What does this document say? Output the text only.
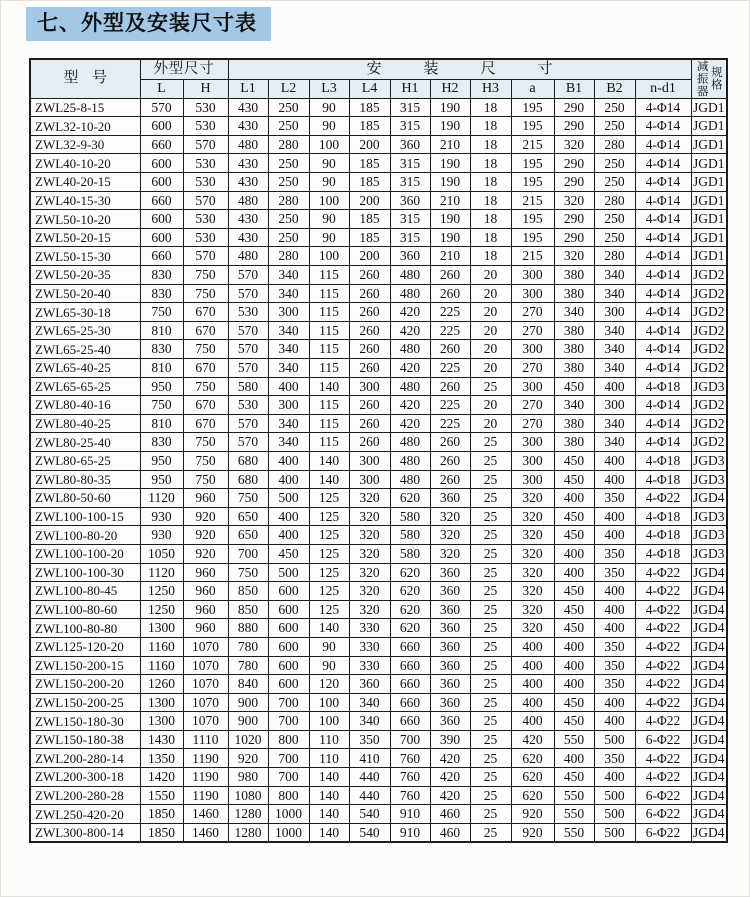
七、外型及安装尺寸表
型号	外型尺寸		安装尺寸											减振器 规格

	L	H	L1	L2	L3	L4	H1	H2	H3	a	B1	B2	n-d1	
ZWL25-8-15	570	530	430	250	90	185	315	190	18	195	290	250	4-Φ14	JGD1
ZWL32-10-20	600	530	430	250	90	185	315	190	18	195	290	250	4-Φ14	JGD1
ZWL32-9-30	660	570	480	280	100	200	360	210	18	215	320	280	4-Φ14	JGD1
ZWL40-10-20	600	530	430	250	90	185	315	190	18	195	290	250	4-Φ14	JGD1
ZWL40-20-15	600	530	430	250	90	185	315	190	18	195	290	250	4-Φ14	JGD1
ZWL40-15-30	660	570	480	280	100	200	360	210	18	215	320	280	4-Φ14	JGD1
ZWL50-10-20	600	530	430	250	90	185	315	190	18	195	290	250	4-Φ14	JGD1
ZWL50-20-15	600	530	430	250	90	185	315	190	18	195	290	250	4-Φ14	JGD1
ZWL50-15-30	660	570	480	280	100	200	360	210	18	215	320	280	4-Φ14	JGD1
ZWL50-20-35	830	750	570	340	115	260	480	260	20	300	380	340	4-Φ14	JGD2
ZWL50-20-40	830	750	570	340	115	260	480	260	20	300	380	340	4-Φ14	JGD2
ZWL65-30-18	750	670	530	300	115	260	420	225	20	270	340	300	4-Φ14	JGD2
ZWL65-25-30	810	670	570	340	115	260	420	225	20	270	380	340	4-Φ14	JGD2
ZWL65-25-40	830	750	570	340	115	260	480	260	20	300	380	340	4-Φ14	JGD2
ZWL65-40-25	810	670	570	340	115	260	420	225	20	270	380	340	4-Φ14	JGD2
ZWL65-65-25	950	750	580	400	140	300	480	260	25	300	450	400	4-Φ18	JGD3
ZWL80-40-16	750	670	530	300	115	260	420	225	20	270	340	300	4-Φ14	JGD2
ZWL80-40-25	810	670	570	340	115	260	420	225	20	270	380	340	4-Φ14	JGD2
ZWL80-25-40	830	750	570	340	115	260	480	260	25	300	380	340	4-Φ14	JGD2
ZWL80-65-25	950	750	680	400	140	300	480	260	25	300	450	400	4-Φ18	JGD3
ZWL80-80-35	950	750	680	400	140	300	480	260	25	300	450	400	4-Φ18	JGD3
ZWL80-50-60	1120	960	750	500	125	320	620	360	25	320	400	350	4-Φ22	JGD4
ZWL100-100-15	930	920	650	400	125	320	580	320	25	320	450	400	4-Φ18	JGD3
ZWL100-80-20	930	920	650	400	125	320	580	320	25	320	450	400	4-Φ18	JGD3
ZWL100-100-20	1050	920	700	450	125	320	580	320	25	320	400	350	4-Φ18	JGD3
ZWL100-100-30	1120	960	750	500	125	320	620	360	25	320	400	350	4-Φ22	JGD4
ZWL100-80-45	1250	960	850	600	125	320	620	360	25	320	450	400	4-Φ22	JGD4
ZWL100-80-60	1250	960	850	600	125	320	620	360	25	320	450	400	4-Φ22	JGD4
ZWL100-80-80	1300	960	880	600	140	330	620	360	25	320	450	400	4-Φ22	JGD4
ZWL125-120-20	1160	1070	780	600	90	330	660	360	25	400	400	350	4-Φ22	JGD4
ZWL150-200-15	1160	1070	780	600	90	330	660	360	25	400	400	350	4-Φ22	JGD4
ZWL150-200-20	1260	1070	840	600	120	360	660	360	25	400	400	350	4-Φ22	JGD4
ZWL150-200-25	1300	1070	900	700	100	340	660	360	25	400	450	400	4-Φ22	JGD4
ZWL150-180-30	1300	1070	900	700	100	340	660	360	25	400	450	400	4-Φ22	JGD4
ZWL150-180-38	1430	1110	1020	800	110	350	700	390	25	420	550	500	6-Φ22	JGD4
ZWL200-280-14	1350	1190	920	700	110	410	760	420	25	620	400	350	4-Φ22	JGD4
ZWL200-300-18	1420	1190	980	700	140	440	760	420	25	620	450	400	4-Φ22	JGD4
ZWL200-280-28	1550	1190	1080	800	140	440	760	420	25	620	550	500	6-Φ22	JGD4
ZWL250-420-20	1850	1460	1280	1000	140	540	910	460	25	920	550	500	6-Φ22	JGD4
ZWL300-800-14	1850	1460	1280	1000	140	540	910	460	25	920	550	500	6-Φ22	JGD4
